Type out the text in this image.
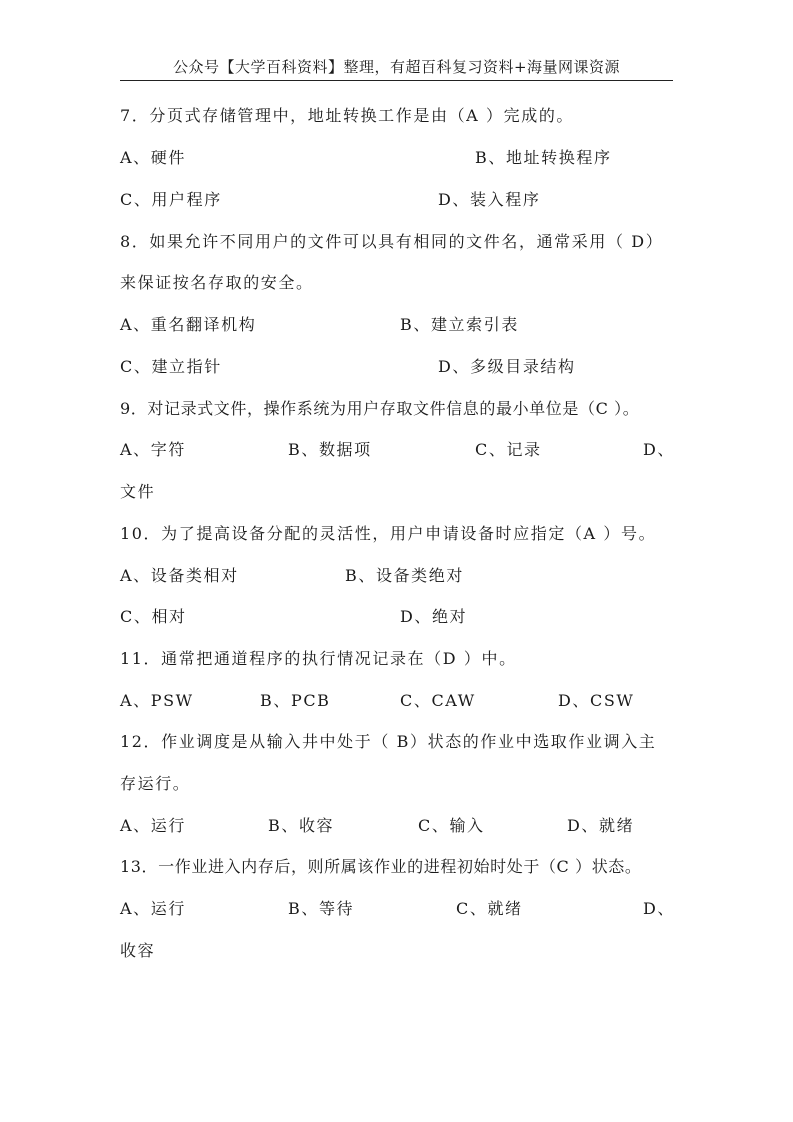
公众号【大学百科资料】整理，有超百科复习资料+海量网课资源
7．分页式存储管理中，地址转换工作是由（A ）完成的。
A、硬件	B、地址转换程序
C、用户程序	D、装入程序
8．如果允许不同用户的文件可以具有相同的文件名，通常采用（ D）
来保证按名存取的安全。
A、重名翻译机构	B、建立索引表
C、建立指针	D、多级目录结构
9．对记录式文件，操作系统为用户存取文件信息的最小单位是（C ）。
A、字符	B、数据项	C、记录	D、
文件
10．为了提高设备分配的灵活性，用户申请设备时应指定（A ）号。
A、设备类相对	B、设备类绝对
C、相对	D、绝对
11．通常把通道程序的执行情况记录在（D ）中。
A、PSW	B、PCB	C、CAW	D、CSW
12．作业调度是从输入井中处于（ B）状态的作业中选取作业调入主
存运行。
A、运行	B、收容	C、输入	D、就绪
13．一作业进入内存后，则所属该作业的进程初始时处于（C ）状态。
A、运行	B、等待	C、就绪	D、
收容
